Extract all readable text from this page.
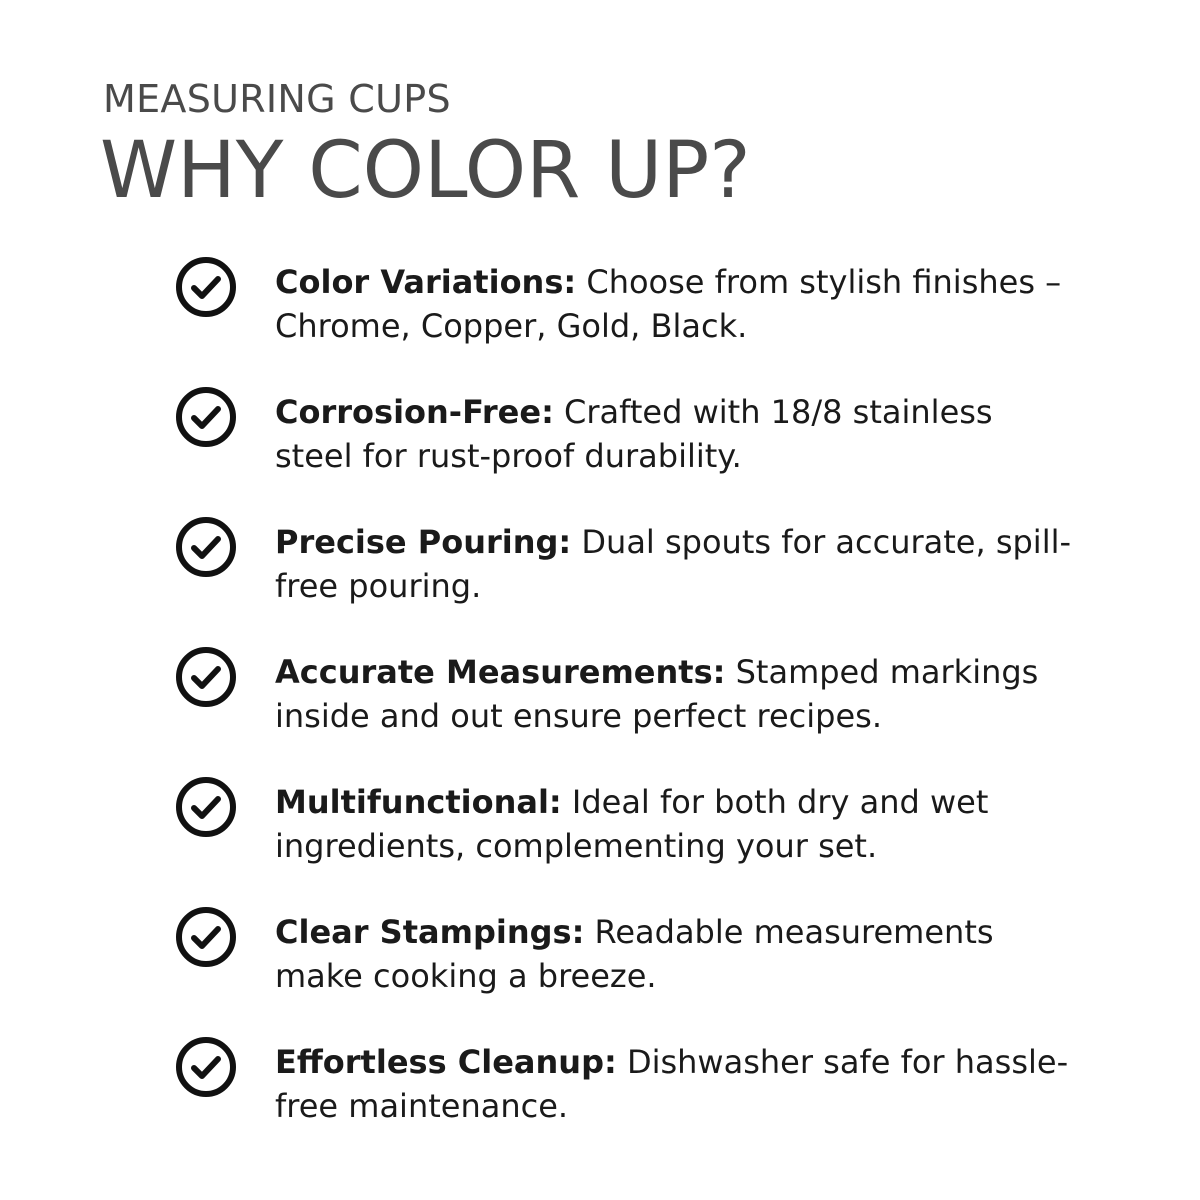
MEASURING CUPS
WHY COLOR UP?
Color Variations: Choose from stylish finishes – Chrome, Copper, Gold, Black.
Corrosion-Free: Crafted with 18/8 stainless steel for rust-proof durability.
Precise Pouring: Dual spouts for accurate, spill-free pouring.
Accurate Measurements: Stamped markings inside and out ensure perfect recipes.
Multifunctional: Ideal for both dry and wet ingredients, complementing your set.
Clear Stampings: Readable measurements make cooking a breeze.
Effortless Cleanup: Dishwasher safe for hassle-free maintenance.
